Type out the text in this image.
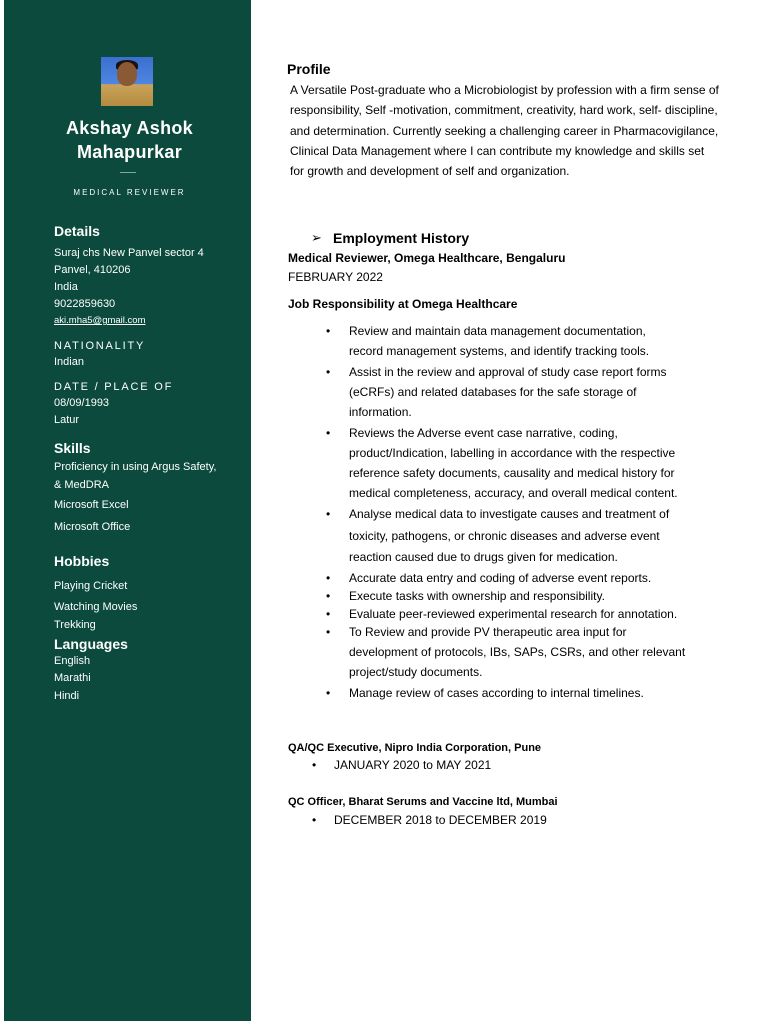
Akshay Ashok
Mahapurkar
MEDICAL REVIEWER
Details
Suraj chs New Panvel sector 4
Panvel, 410206
India
9022859630
aki.mha5@gmail.com
NATIONALITY
Indian
DATE / PLACE OF
08/09/1993
Latur
Skills
Proficiency in using Argus Safety,
& MedDRA
Microsoft Excel
Microsoft Office
Hobbies
Playing Cricket
Watching Movies
Trekking
Languages
English
Marathi
Hindi
Profile
A Versatile Post-graduate who a Microbiologist by profession with a firm sense of responsibility, Self -motivation, commitment, creativity, hard work, self- discipline, and determination. Currently seeking a challenging career in Pharmacovigilance, Clinical Data Management where I can contribute my knowledge and skills set for growth and development of self and organization.
➢ Employment History
Medical Reviewer, Omega Healthcare, Bengaluru
FEBRUARY 2022
Job Responsibility at Omega Healthcare
• Review and maintain data management documentation,
record management systems, and identify tracking tools.
• Assist in the review and approval of study case report forms
(eCRFs) and related databases for the safe storage of
information.
• Reviews the Adverse event case narrative, coding,
product/Indication, labelling in accordance with the respective
reference safety documents, causality and medical history for
medical completeness, accuracy, and overall medical content.
• Analyse medical data to investigate causes and treatment of
toxicity, pathogens, or chronic diseases and adverse event
reaction caused due to drugs given for medication.
• Accurate data entry and coding of adverse event reports.
• Execute tasks with ownership and responsibility.
• Evaluate peer-reviewed experimental research for annotation.
• To Review and provide PV therapeutic area input for
development of protocols, IBs, SAPs, CSRs, and other relevant
project/study documents.
• Manage review of cases according to internal timelines.
QA/QC Executive, Nipro India Corporation, Pune
• JANUARY 2020 to MAY 2021
QC Officer, Bharat Serums and Vaccine ltd, Mumbai
• DECEMBER 2018 to DECEMBER 2019
